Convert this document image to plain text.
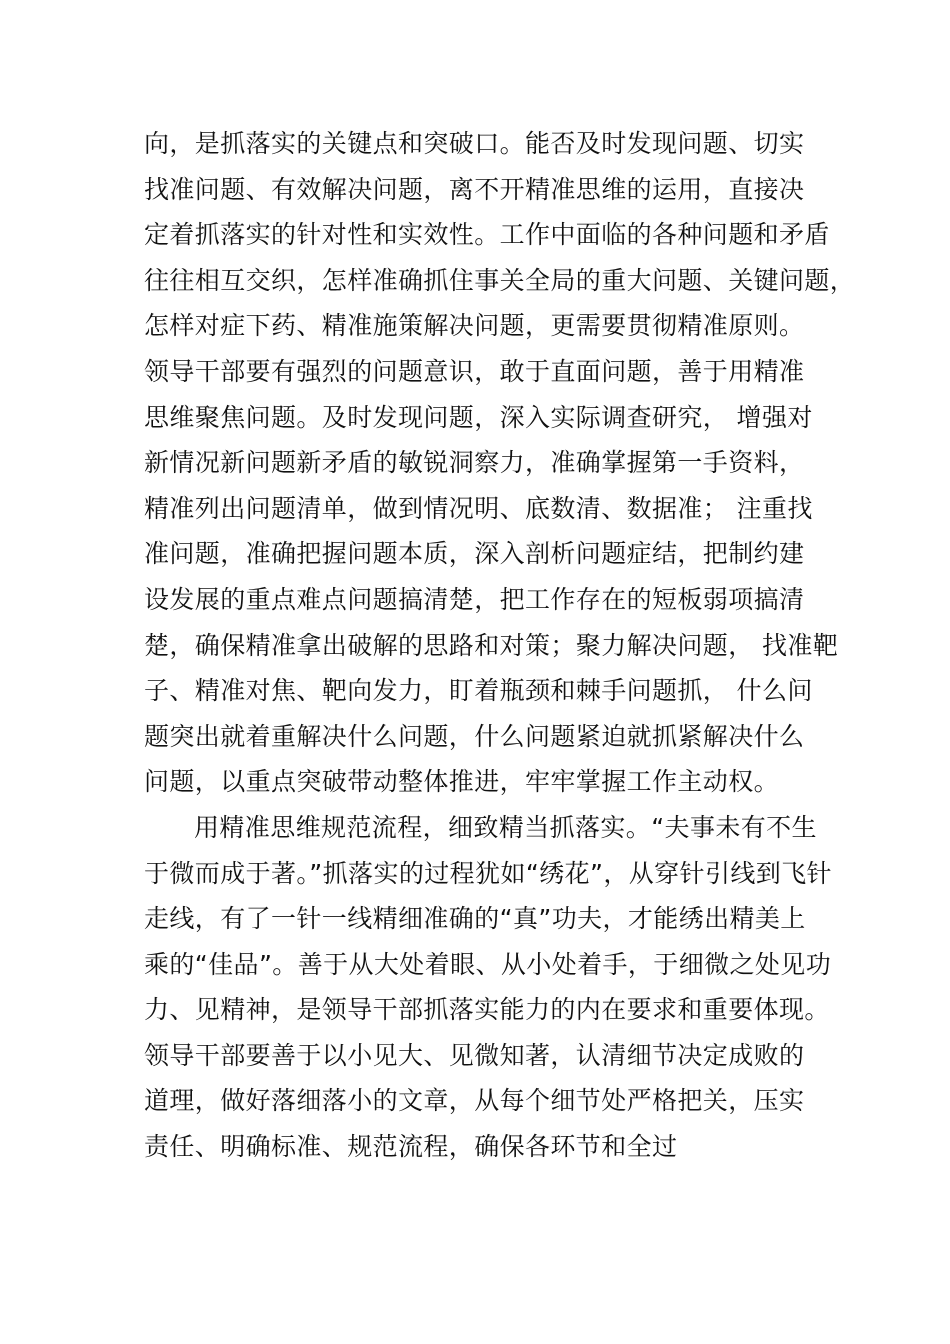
向，是抓落实的关键点和突破口。能否及时发现问题、切实
找准问题、有效解决问题，离不开精准思维的运用，直接决
定着抓落实的针对性和实效性。工作中面临的各种问题和矛盾
往往相互交织，怎样准确抓住事关全局的重大问题、关键问题，
怎样对症下药、精准施策解决问题，更需要贯彻精准原则。
领导干部要有强烈的问题意识，敢于直面问题，善于用精准
思维聚焦问题。及时发现问题，深入实际调查研究， 增强对
新情况新问题新矛盾的敏锐洞察力，准确掌握第一手资料，
精准列出问题清单，做到情况明、底数清、数据准； 注重找
准问题，准确把握问题本质，深入剖析问题症结，把制约建
设发展的重点难点问题搞清楚，把工作存在的短板弱项搞清
楚，确保精准拿出破解的思路和对策；聚力解决问题， 找准靶
子、精准对焦、靶向发力，盯着瓶颈和棘手问题抓， 什么问
题突出就着重解决什么问题，什么问题紧迫就抓紧解决什么
问题，以重点突破带动整体推进，牢牢掌握工作主动权。
用精准思维规范流程，细致精当抓落实。“夫事未有不生
于微而成于著。”抓落实的过程犹如“绣花”，从穿针引线到飞针
走线，有了一针一线精细准确的“真”功夫，才能绣出精美上
乘的“佳品”。善于从大处着眼、从小处着手，于细微之处见功
力、见精神，是领导干部抓落实能力的内在要求和重要体现。
领导干部要善于以小见大、见微知著，认清细节决定成败的
道理，做好落细落小的文章，从每个细节处严格把关，压实
责任、明确标准、规范流程，确保各环节和全过
